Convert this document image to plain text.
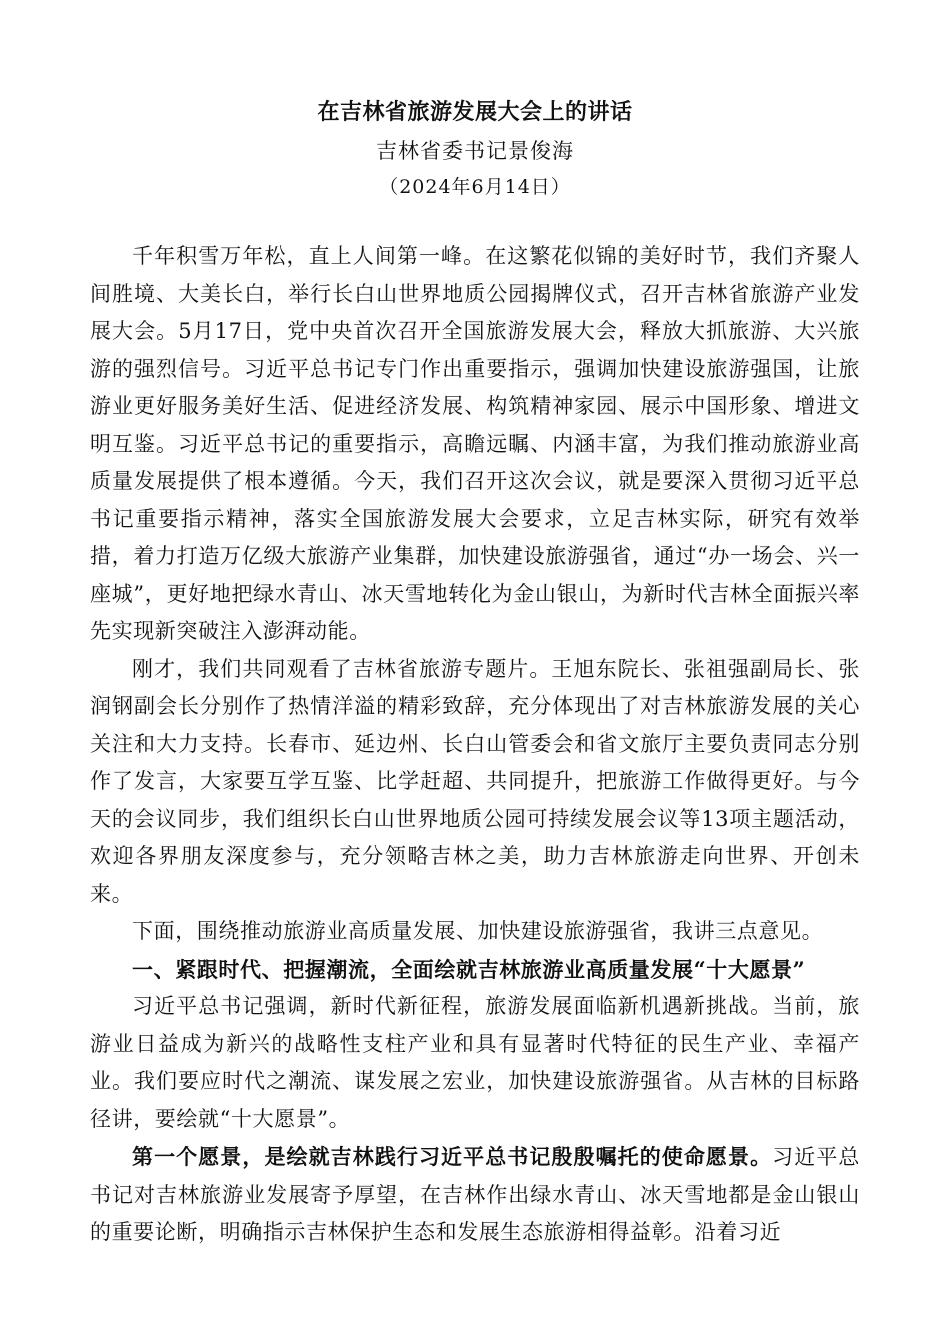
在吉林省旅游发展大会上的讲话
吉林省委书记景俊海
（2024年6月14日）

千年积雪万年松，直上人间第一峰。在这繁花似锦的美好时节，我们齐聚人间胜境、大美长白，举行长白山世界地质公园揭牌仪式，召开吉林省旅游产业发展大会。5月17日，党中央首次召开全国旅游发展大会，释放大抓旅游、大兴旅游的强烈信号。习近平总书记专门作出重要指示，强调加快建设旅游强国，让旅游业更好服务美好生活、促进经济发展、构筑精神家园、展示中国形象、增进文明互鉴。习近平总书记的重要指示，高瞻远瞩、内涵丰富，为我们推动旅游业高质量发展提供了根本遵循。今天，我们召开这次会议，就是要深入贯彻习近平总书记重要指示精神，落实全国旅游发展大会要求，立足吉林实际，研究有效举措，着力打造万亿级大旅游产业集群，加快建设旅游强省，通过“办一场会、兴一座城”，更好地把绿水青山、冰天雪地转化为金山银山，为新时代吉林全面振兴率先实现新突破注入澎湃动能。

刚才，我们共同观看了吉林省旅游专题片。王旭东院长、张祖强副局长、张润钢副会长分别作了热情洋溢的精彩致辞，充分体现出了对吉林旅游发展的关心关注和大力支持。长春市、延边州、长白山管委会和省文旅厅主要负责同志分别作了发言，大家要互学互鉴、比学赶超、共同提升，把旅游工作做得更好。与今天的会议同步，我们组织长白山世界地质公园可持续发展会议等13项主题活动，欢迎各界朋友深度参与，充分领略吉林之美，助力吉林旅游走向世界、开创未来。

下面，围绕推动旅游业高质量发展、加快建设旅游强省，我讲三点意见。

一、紧跟时代、把握潮流，全面绘就吉林旅游业高质量发展“十大愿景”

习近平总书记强调，新时代新征程，旅游发展面临新机遇新挑战。当前，旅游业日益成为新兴的战略性支柱产业和具有显著时代特征的民生产业、幸福产业。我们要应时代之潮流、谋发展之宏业，加快建设旅游强省。从吉林的目标路径讲，要绘就“十大愿景”。

第一个愿景，是绘就吉林践行习近平总书记殷殷嘱托的使命愿景。习近平总书记对吉林旅游业发展寄予厚望，在吉林作出绿水青山、冰天雪地都是金山银山的重要论断，明确指示吉林保护生态和发展生态旅游相得益彰。沿着习近
